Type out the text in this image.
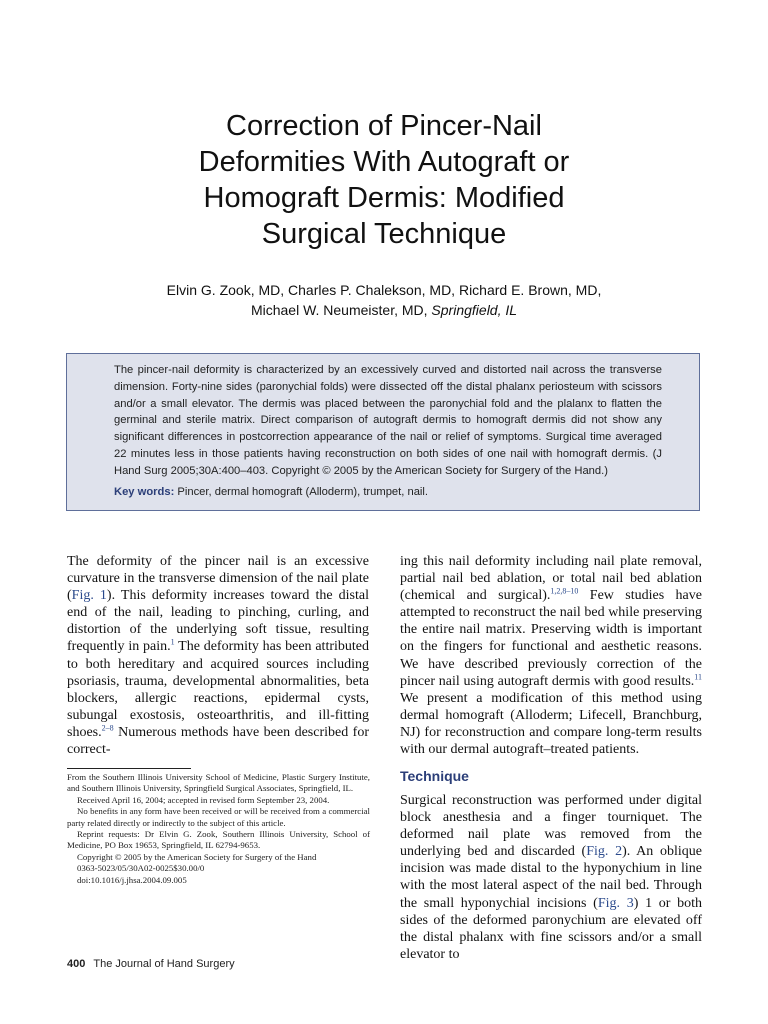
Correction of Pincer-Nail
Deformities With Autograft or
Homograft Dermis: Modified
Surgical Technique
Elvin G. Zook, MD, Charles P. Chalekson, MD, Richard E. Brown, MD,
Michael W. Neumeister, MD, Springfield, IL
The pincer-nail deformity is characterized by an excessively curved and distorted nail across the transverse dimension. Forty-nine sides (paronychial folds) were dissected off the distal phalanx periosteum with scissors and/or a small elevator. The dermis was placed between the paronychial fold and the plalanx to flatten the germinal and sterile matrix. Direct comparison of autograft dermis to homograft dermis did not show any significant differences in postcorrection appearance of the nail or relief of symptoms. Surgical time averaged 22 minutes less in those patients having reconstruction on both sides of one nail with homograft dermis. (J Hand Surg 2005;30A:400–403. Copyright © 2005 by the American Society for Surgery of the Hand.)
Key words: Pincer, dermal homograft (Alloderm), trumpet, nail.
The deformity of the pincer nail is an excessive curvature in the transverse dimension of the nail plate (Fig. 1). This deformity increases toward the distal end of the nail, leading to pinching, curling, and distortion of the underlying soft tissue, resulting frequently in pain.$^1$ The deformity has been attributed to both hereditary and acquired sources including psoriasis, trauma, developmental abnormalities, beta blockers, allergic reactions, epidermal cysts, subungal exostosis, osteoarthritis, and ill-fitting shoes.$^{2-8}$ Numerous methods have been described for correct-
ing this nail deformity including nail plate removal, partial nail bed ablation, or total nail bed ablation (chemical and surgical).$^{1,2,8-10}$ Few studies have attempted to reconstruct the nail bed while preserving the entire nail matrix. Preserving width is important on the fingers for functional and aesthetic reasons. We have described previously correction of the pincer nail using autograft dermis with good results.$^{11}$ We present a modification of this method using dermal homograft (Alloderm; Lifecell, Branchburg, NJ) for reconstruction and compare long-term results with our dermal autograft–treated patients.
Technique
Surgical reconstruction was performed under digital block anesthesia and a finger tourniquet. The deformed nail plate was removed from the underlying bed and discarded (Fig. 2). An oblique incision was made distal to the hyponychium in line with the most lateral aspect of the nail bed. Through the small hyponychial incisions (Fig. 3) 1 or both sides of the deformed paronychium are elevated off the distal phalanx with fine scissors and/or a small elevator to

From the Southern Illinois University School of Medicine, Plastic Surgery Institute, and Southern Illinois University, Springfield Surgical Associates, Springfield, IL.

Received April 16, 2004; accepted in revised form September 23, 2004.

No benefits in any form have been received or will be received from a commercial party related directly or indirectly to the subject of this article.

Reprint requests: Dr Elvin G. Zook, Southern Illinois University, School of Medicine, PO Box 19653, Springfield, IL 62794-9653.

Copyright © 2005 by the American Society for Surgery of the Hand

0363-5023/05/30A02-0025$30.00/0

doi:10.1016/j.jhsa.2004.09.005

400 The Journal of Hand Surgery
